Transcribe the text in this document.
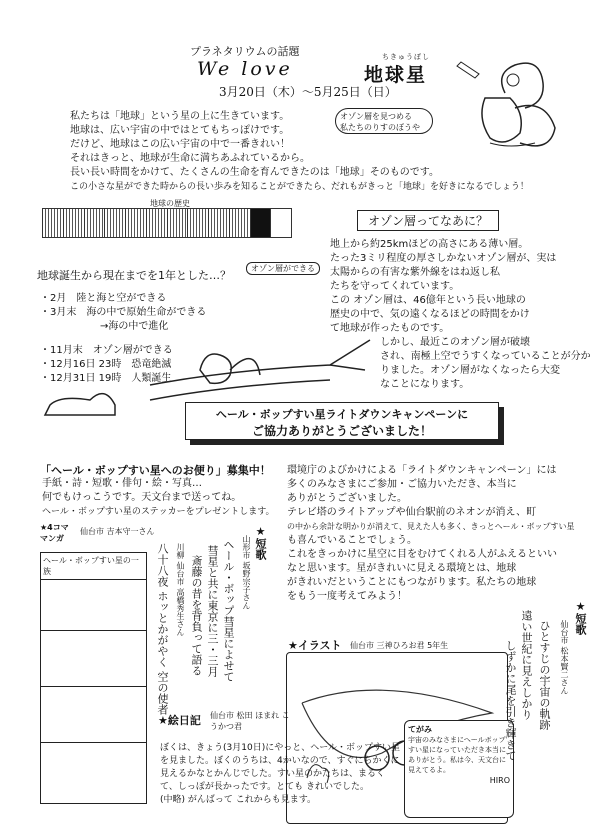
プラネタリウムの話題
We love
ちきゅうぼし
地球星
3月20日（木）～5月25日（日）
オゾン層を見つめる
私たちのりすのぼうや
私たちは「地球」という星の上に生きています。
地球は、広い宇宙の中ではとてもちっぽけです。
だけど、地球はこの広い宇宙の中で一番きれい！
それはきっと、地球が生命に満ちあふれているから。
長い長い時間をかけて、たくさんの生命を育んできたのは「地球」そのものです。
この小さな星ができた時からの長い歩みを知ることができたら、だれもがきっと「地球」を好きになるでしょう！
地球の歴史
オゾン層ができる
地球誕生から現在までを1年とした…？
・2月　陸と海と空ができる
・3月末　海の中で原始生命ができる
→海の中で進化
・11月末　オゾン層ができる
・12月16日 23時　恐竜絶滅
・12月31日 19時　人類誕生
オゾン層ってなあに？
地上から約25kmほどの高さにある薄い層。
たった3ミリ程度の厚さしかないオゾン層が、実は
太陽からの有害な紫外線をはね返し私
たちを守ってくれています。
この オゾン層は、46億年という長い地球の
歴史の中で、気の遠くなるほどの時間をかけ
て地球が作ったものです。
しかし、最近このオゾン層が破壊
され、南極上空でうすくなっていることが分か
りました。オゾン層がなくなったら大変
なことになります。
ヘール・ボップすい星ライトダウンキャンペーンに
ご協力ありがとうございました！
「ヘール・ボップすい星へのお便り」募集中！
手紙・詩・短歌・俳句・絵・写真…
何でもけっこうです。天文台まで送ってね。
ヘール・ボップすい星のステッカーをプレゼントします。
環境庁のよびかけによる「ライトダウンキャンペーン」には
多くのみなさまにご参加・ご協力いただき、本当に
ありがとうございました。
テレビ塔のライトアップや仙台駅前のネオンが消え、町
の中から余計な明かりが消えて、見えた人も多く、きっとヘール・ボップすい星
も喜んでいることでしょう。
これをきっかけに星空に目をむけてくれる人がふえるといい
なと思います。星がきれいに見える環境とは、地球
がきれいだということにもつながります。私たちの地球
をもう一度考えてみよう！
★4コマ
マンガ
仙台市 吉本守一さん
ヘール・ボップすい星の一族
★短歌
山形市 坂野宗子さん
ヘール・ボップ彗星によせて
彗星と共に東京に三・三月
斎藤の昔を背負って語る
川柳 仙台市 高橋秀生さん
八十八夜 ホッとかがやく 空の使者	★イラスト 仙台市 三神ひろお君 5年生
てがみ
宇宙のみなさまにへールボップすい星になっていただき本当にありがとう。私は今、天文台に見えてるよ。
HIRO
★短歌
仙台市 松本賢二さん
ひとすじの宇宙の軌跡
遠い世紀に見えしかり
しずかに尾を引き輝きて
★絵日記 仙台市 松田 ほまれ こうかつ君
ぼくは、きょう(3月10日)にやっと、ヘール・ボップすい星
を見ました。ぼくのうちは、4かいなので、すぐにちかくに
見えるかなとかんじでした。すい星のかたちは、まるく
て、しっぽが長かったです。とても きれいでした。
(中略) がんばって これからも見ます。
